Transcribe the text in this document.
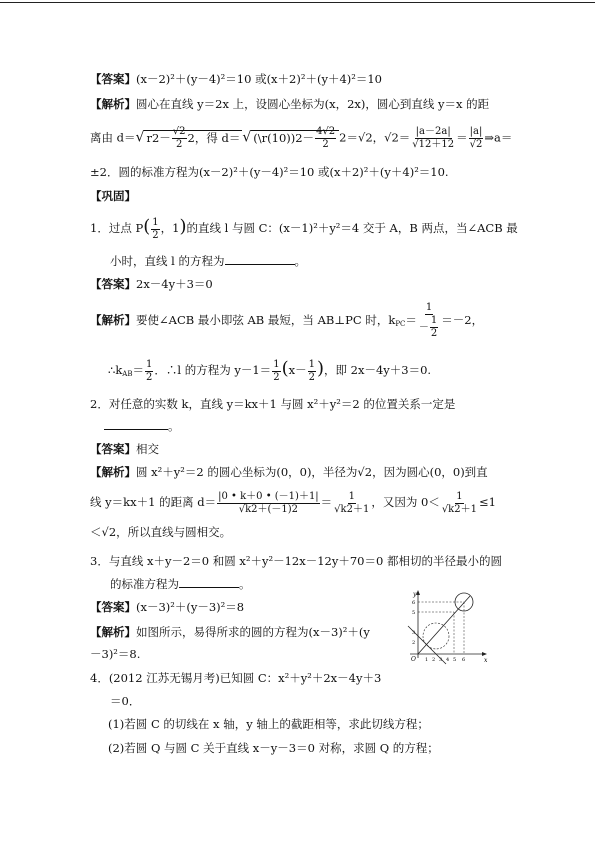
【答案】(x－2)²＋(y－4)²＝10 或(x＋2)²＋(y＋4)²＝10
【解析】圆心在直线 y＝2x 上，设圆心坐标为(x，2x)，圆心到直线 y＝x 的距
离由 d＝√ $r2- \frac{√2}{2} 2$，得 d＝ √ (\r(10))2－ $\frac{4√2}{2} 2=√2$，$√2= \frac{|a-2a|}{√12+12} = \frac{|a|}{√2}$ ⇒a＝
±2．圆的标准方程为(x－2)²＋(y－4)²＝10 或(x＋2)²＋(y＋4)²＝10.
【巩固】
1．过点 $P( \frac{1}{2}$ ，1)的直线 l 与圆 C：(x－1)²＋y²＝4 交于 A，B 两点，当∠ACB 最
小时，直线 l 的方程为	。
【答案】2x－4y＋3＝0
【解析】要使∠ACB 最小即弦 AB 最短，当 AB⊥PC 时，$k_{PC}= \frac{1}{- \frac{1}{2}} =-2$，
$\therefore k_{AB}= \frac{1}{2}$ ．∴l 的方程为 $y-1= \frac{1}{2} (x- \frac{1}{2}$ )，即 2x－4y＋3＝0.
2．对任意的实数 k，直线 y＝kx＋1 与圆 x²＋y²＝2 的位置关系一定是
。
【答案】相交
【解析】圆 x²＋y²＝2 的圆心坐标为(0，0)，半径为√2，因为圆心(0，0)到直
线 y＝kx＋1 的距离 $d= \frac{|0 • k+0 • (-1)+1|}{√k2+(-1)2} = \frac{1}{√k2+1}$ ，又因为 $0< \frac{1}{√k2+1} \le 1$
＜√2，所以直线与圆相交。
3．与直线 x＋y－2＝0 和圆 x²＋y²－12x－12y＋70＝0 都相切的半径最小的圆
的标准方程为	。
【答案】(x－3)²＋(y－3)²＝8
【解析】如图所示，易得所求的圆的方程为(x－3)²＋(y
－3)²＝8.
y
x
O
6
5
3
2
1 2 3 4 5 6
4．(2012 江苏无锡月考)已知圆 C：x²＋y²＋2x－4y＋3
＝0．
(1)若圆 C 的切线在 x 轴，y 轴上的截距相等，求此切线方程；
(2)若圆 Q 与圆 C 关于直线 x－y－3＝0 对称，求圆 Q 的方程；
